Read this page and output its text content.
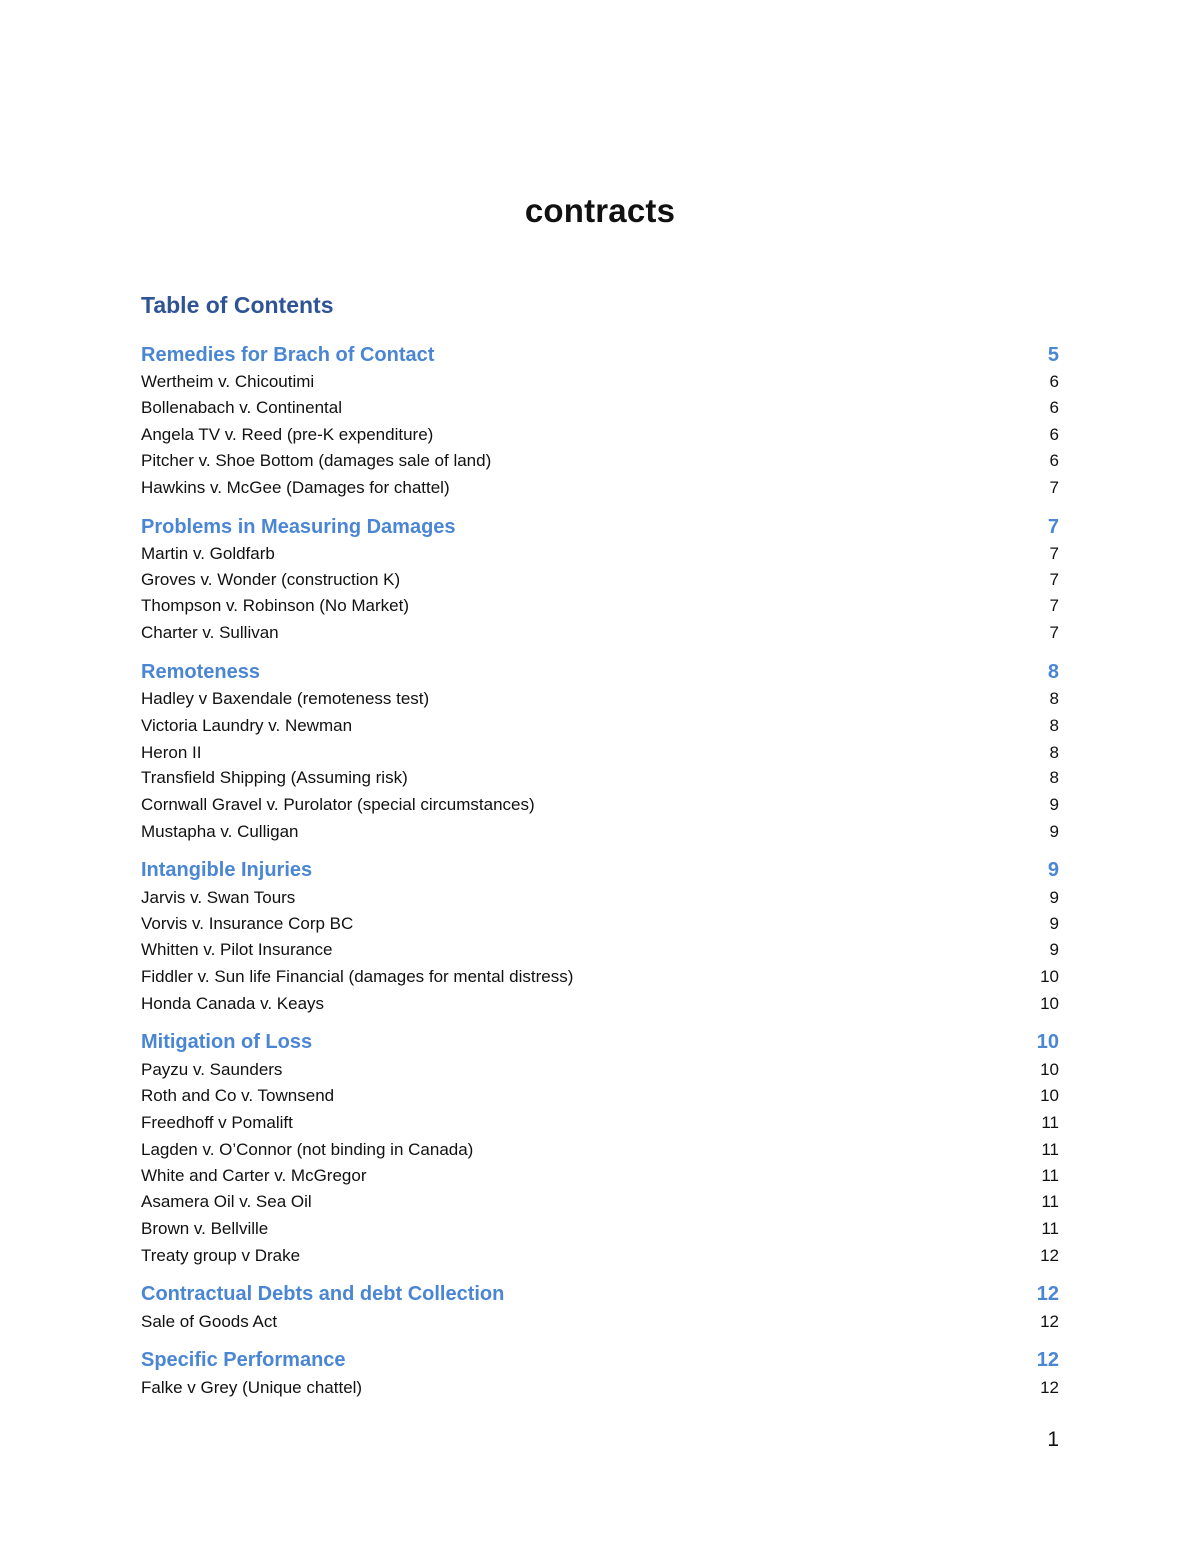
contracts
Table of Contents
Remedies for Brach of Contact	5
Wertheim v. Chicoutimi	6
Bollenabach v. Continental	6
Angela TV v. Reed (pre-K expenditure)	6
Pitcher v. Shoe Bottom (damages sale of land)	6
Hawkins v. McGee (Damages for chattel)	7
Problems in Measuring Damages	7
Martin v. Goldfarb	7
Groves v. Wonder (construction K)	7
Thompson v. Robinson (No Market)	7
Charter v. Sullivan	7
Remoteness	8
Hadley v Baxendale (remoteness test)	8
Victoria Laundry v. Newman	8
Heron II	8
Transfield Shipping (Assuming risk)	8
Cornwall Gravel v. Purolator (special circumstances)	9
Mustapha v. Culligan	9
Intangible Injuries	9
Jarvis v. Swan Tours	9
Vorvis v. Insurance Corp BC	9
Whitten v. Pilot Insurance	9
Fiddler v. Sun life Financial (damages for mental distress)	10
Honda Canada v. Keays	10
Mitigation of Loss	10
Payzu v. Saunders	10
Roth and Co v. Townsend	10
Freedhoff v Pomalift	11
Lagden v. O’Connor (not binding in Canada)	11
White and Carter v. McGregor	11
Asamera Oil v. Sea Oil	11
Brown v. Bellville	11
Treaty group v Drake	12
Contractual Debts and debt Collection	12
Sale of Goods Act	12
Specific Performance	12
Falke v Grey (Unique chattel)	12
1
